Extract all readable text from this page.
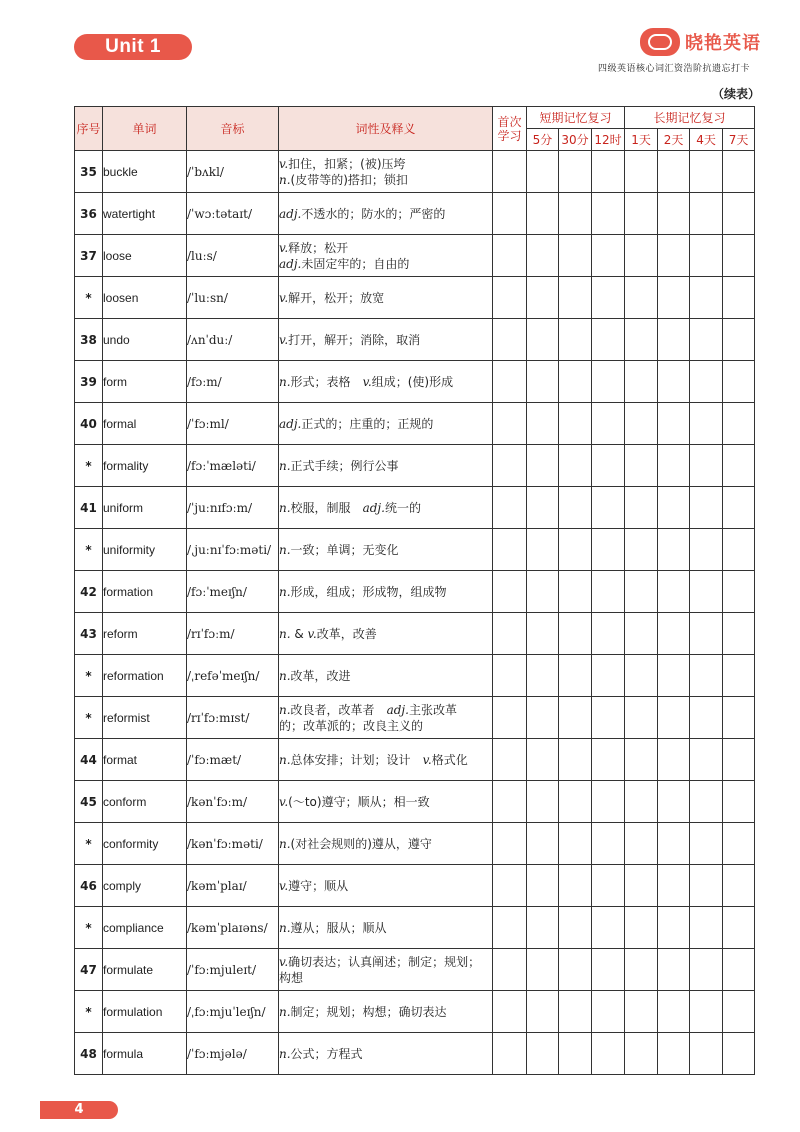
Unit 1	晓艳英语
四级英语核心词汇资浩阶抗遗忘打卡
（续表）
序号	单词	音标	词性及释义	首次学习	短期记忆复习			长期记忆复习			
					5分	30分	12时	1天	2天	4天	7天
35	buckle	/ˈbʌkl/	v.扣住，扣紧；(被)压垮
n.(皮带等的)搭扣；锁扣								

36	watertight	/ˈwɔːtətaɪt/	adj.不透水的；防水的；严密的								

37	loose	/luːs/	v.释放；松开
adj.未固定牢的；自由的								

*	loosen	/ˈluːsn/	v.解开，松开；放宽								

38	undo	/ʌnˈduː/	v.打开，解开；消除，取消								

39	form	/fɔːm/	n.形式；表格　v.组成；(使)形成								

40	formal	/ˈfɔːml/	adj.正式的；庄重的；正规的								

*	formality	/fɔːˈmæləti/	n.正式手续；例行公事								

41	uniform	/ˈjuːnɪfɔːm/	n.校服，制服　adj.统一的								

*	uniformity	/ˌjuːnɪˈfɔːməti/	n.一致；单调；无变化								

42	formation	/fɔːˈmeɪʃn/	n.形成，组成；形成物，组成物								

43	reform	/rɪˈfɔːm/	n. & v.改革，改善								

*	reformation	/ˌrefəˈmeɪʃn/	n.改革，改进								

*	reformist	/rɪˈfɔːmɪst/	n.改良者，改革者　adj.主张改革
的；改革派的；改良主义的								

44	format	/ˈfɔːmæt/	n.总体安排；计划；设计　v.格式化								

45	conform	/kənˈfɔːm/	v.(～to)遵守；顺从；相一致								

*	conformity	/kənˈfɔːməti/	n.(对社会规则的)遵从，遵守								

46	comply	/kəmˈplaɪ/	v.遵守；顺从								

*	compliance	/kəmˈplaɪəns/	n.遵从；服从；顺从								

47	formulate	/ˈfɔːmjuleɪt/	v.确切表达；认真阐述；制定；规划；
构想								

*	formulation	/ˌfɔːmjuˈleɪʃn/	n.制定；规划；构想；确切表达								

48	formula	/ˈfɔːmjələ/	n.公式；方程式								

4
